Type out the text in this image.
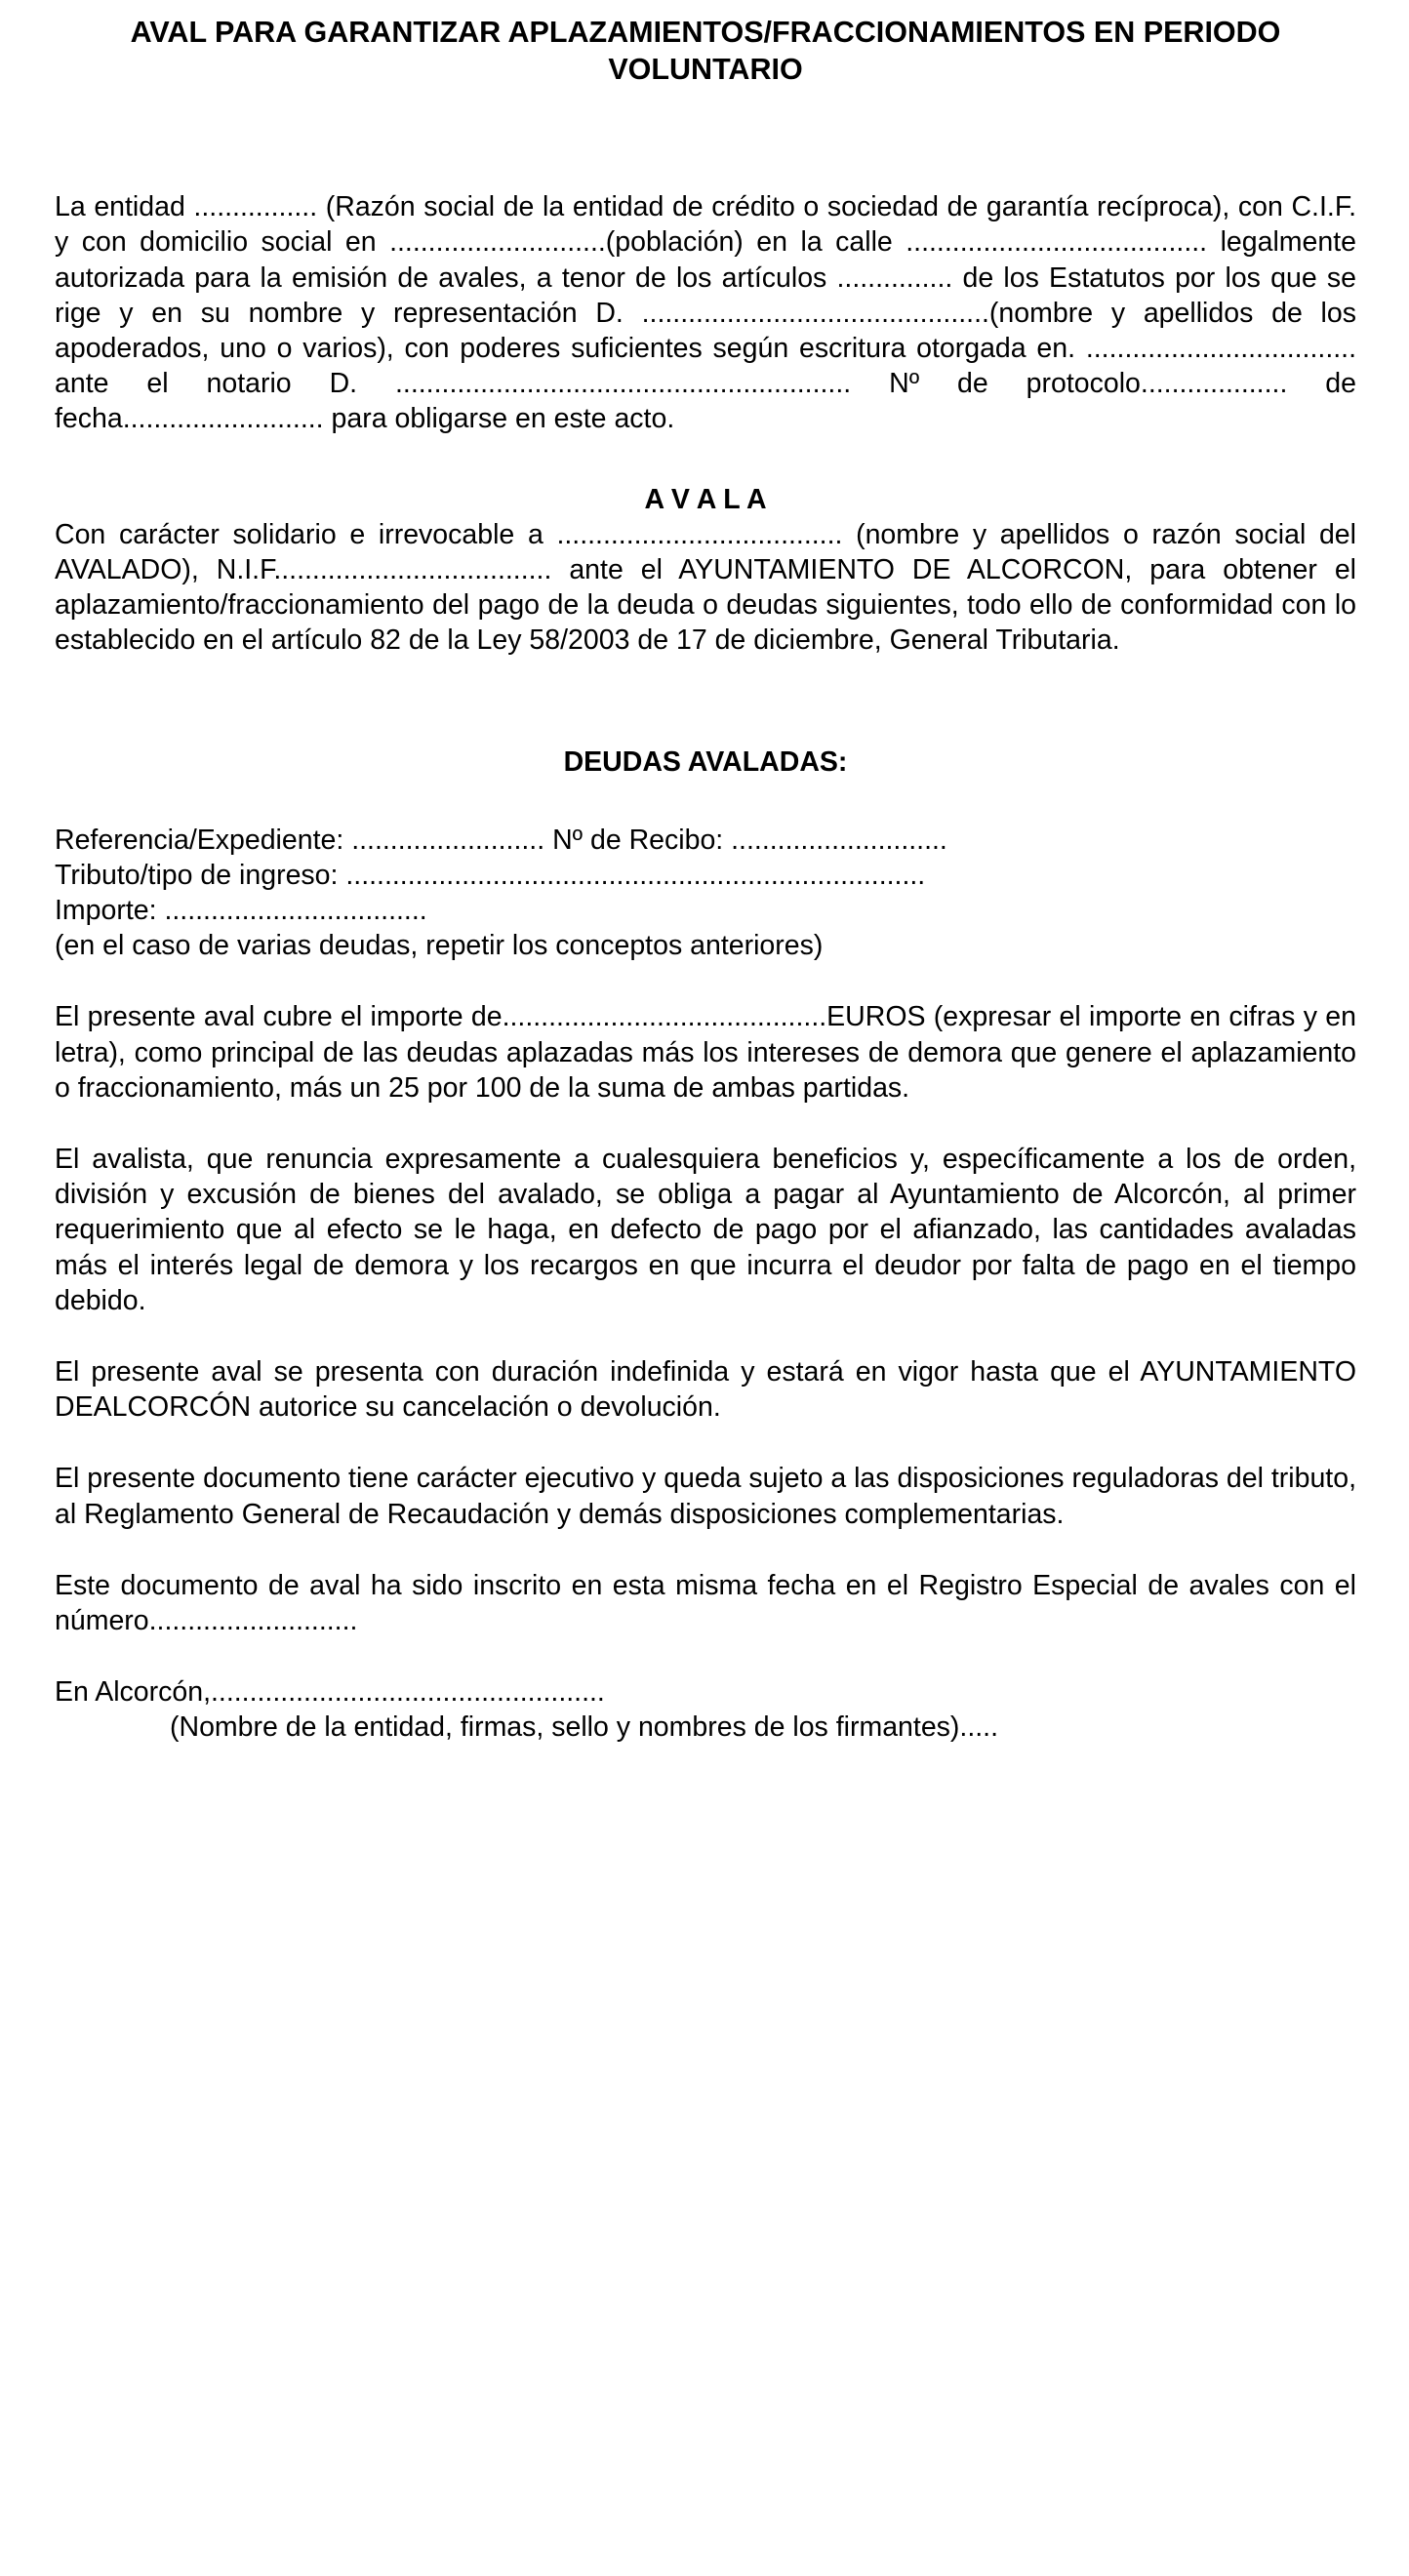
AVAL PARA GARANTIZAR APLAZAMIENTOS/FRACCIONAMIENTOS EN PERIODO VOLUNTARIO

La entidad ................ (Razón social de la entidad de crédito o sociedad de garantía recíproca), con C.I.F. y con domicilio social en ............................(población) en la calle ....................................... legalmente autorizada para la emisión de avales, a tenor de los artículos ............... de los Estatutos por los que se rige y en su nombre y representación D. .............................................(nombre y apellidos de los apoderados, uno o varios), con poderes suficientes según escritura otorgada en. ................................... ante el notario D. ........................................................... Nº de protocolo................... de fecha.......................... para obligarse en este acto.

A V A L A

Con carácter solidario e irrevocable a ..................................... (nombre y apellidos o razón social del AVALADO), N.I.F.................................... ante el AYUNTAMIENTO DE ALCORCON, para obtener el aplazamiento/fraccionamiento del pago de la deuda o deudas siguientes, todo ello de conformidad con lo establecido en el artículo 82 de la Ley 58/2003 de 17 de diciembre, General Tributaria.

DEUDAS AVALADAS:

Referencia/Expediente: ......................... Nº de Recibo: ............................

Tributo/tipo de ingreso: ...........................................................................

Importe: ..................................

(en el caso de varias deudas, repetir los conceptos anteriores)

El presente aval cubre el importe de..........................................EUROS (expresar el importe en cifras y en letra), como principal de las deudas aplazadas más los intereses de demora que genere el aplazamiento o fraccionamiento, más un 25 por 100 de la suma de ambas partidas.

El avalista, que renuncia expresamente a cualesquiera beneficios y, específicamente a los de orden, división y excusión de bienes del avalado, se obliga a pagar al Ayuntamiento de Alcorcón, al primer requerimiento que al efecto se le haga, en defecto de pago por el afianzado, las cantidades avaladas más el interés legal de demora y los recargos en que incurra el deudor por falta de pago en el tiempo debido.

El presente aval se presenta con duración indefinida y estará en vigor hasta que el AYUNTAMIENTO DEALCORCÓN autorice su cancelación o devolución.

El presente documento tiene carácter ejecutivo y queda sujeto a las disposiciones reguladoras del tributo, al Reglamento General de Recaudación y demás disposiciones complementarias.

Este documento de aval ha sido inscrito en esta misma fecha en el Registro Especial de avales con el número...........................

En Alcorcón,...................................................

(Nombre de la entidad, firmas, sello y nombres de los firmantes).....
